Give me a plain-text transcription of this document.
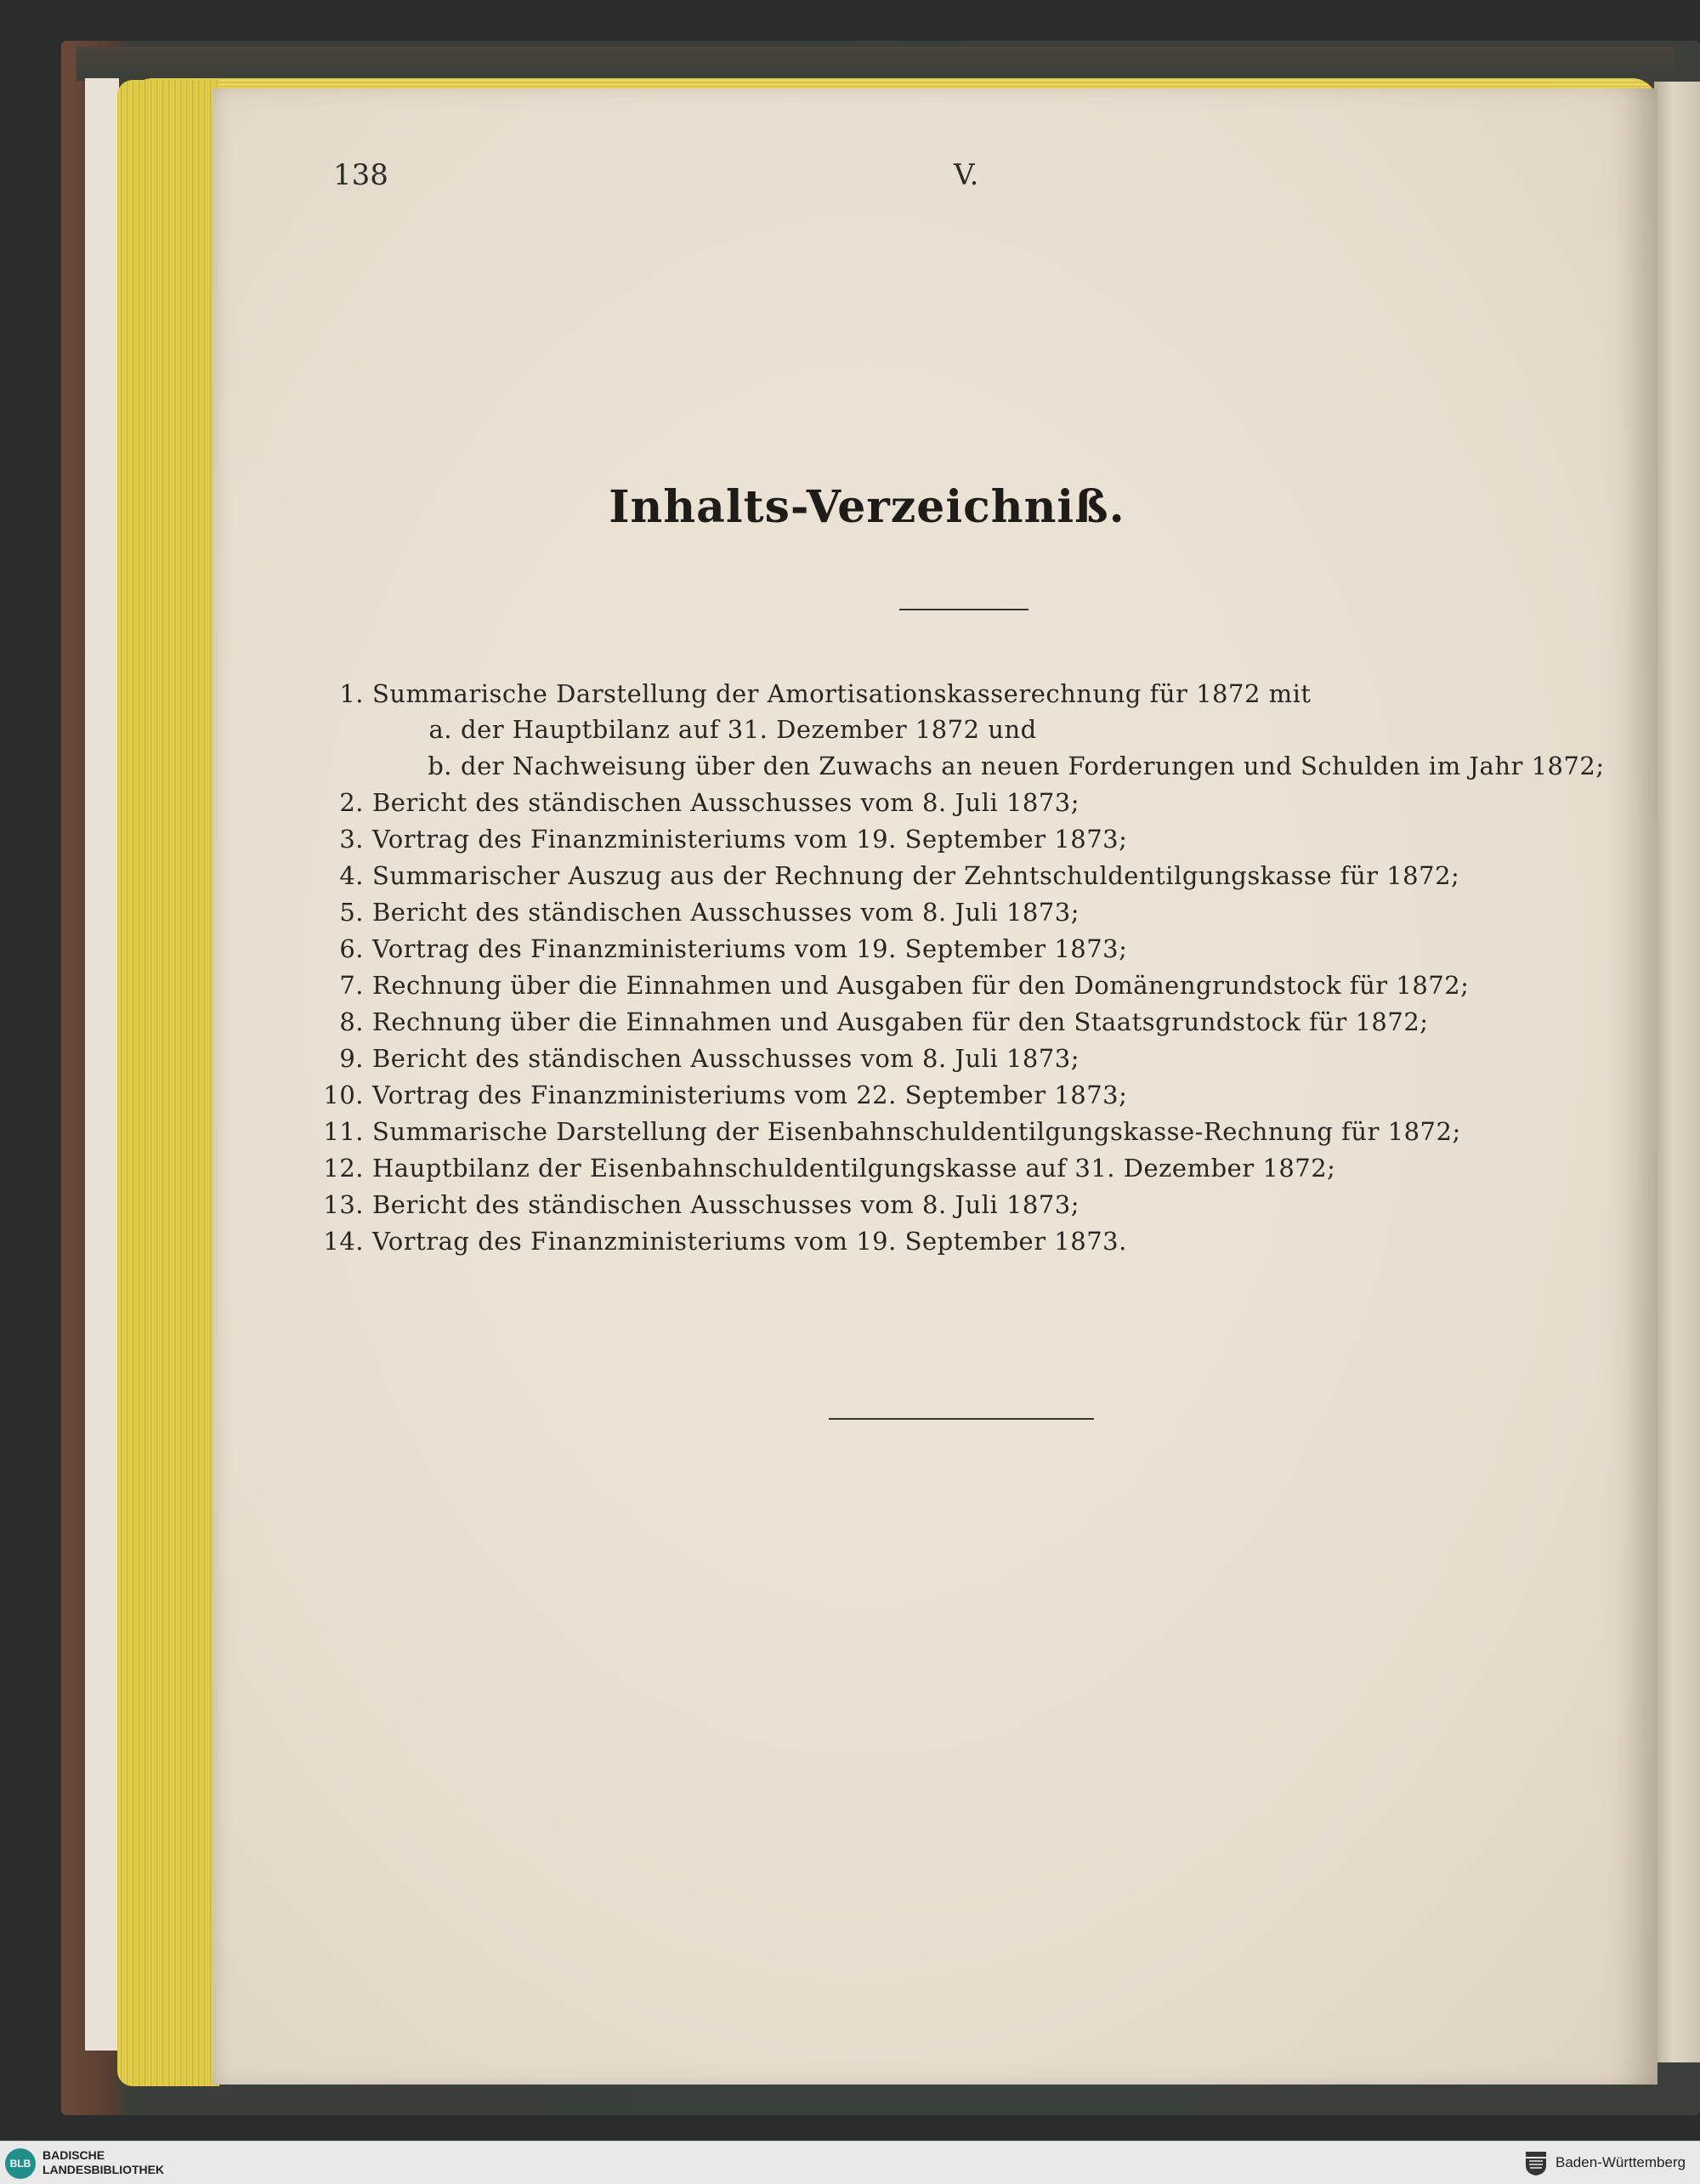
138	V.
Inhalts-Verzeichniß.
1. Summarische Darstellung der Amortisationskasserechnung für 1872 mit
a. der Hauptbilanz auf 31. Dezember 1872 und
b. der Nachweisung über den Zuwachs an neuen Forderungen und Schulden im Jahr 1872;
2. Bericht des ständischen Ausschusses vom 8. Juli 1873;
3. Vortrag des Finanzministeriums vom 19. September 1873;
4. Summarischer Auszug aus der Rechnung der Zehntschuldentilgungskasse für 1872;
5. Bericht des ständischen Ausschusses vom 8. Juli 1873;
6. Vortrag des Finanzministeriums vom 19. September 1873;
7. Rechnung über die Einnahmen und Ausgaben für den Domänengrundstock für 1872;
8. Rechnung über die Einnahmen und Ausgaben für den Staatsgrundstock für 1872;
9. Bericht des ständischen Ausschusses vom 8. Juli 1873;
10. Vortrag des Finanzministeriums vom 22. September 1873;
11. Summarische Darstellung der Eisenbahnschuldentilgungskasse-Rechnung für 1872;
12. Hauptbilanz der Eisenbahnschuldentilgungskasse auf 31. Dezember 1872;
13. Bericht des ständischen Ausschusses vom 8. Juli 1873;
14. Vortrag des Finanzministeriums vom 19. September 1873.
BLB
BADISCHE
LANDESBIBLIOTHEK	Baden-Württemberg
